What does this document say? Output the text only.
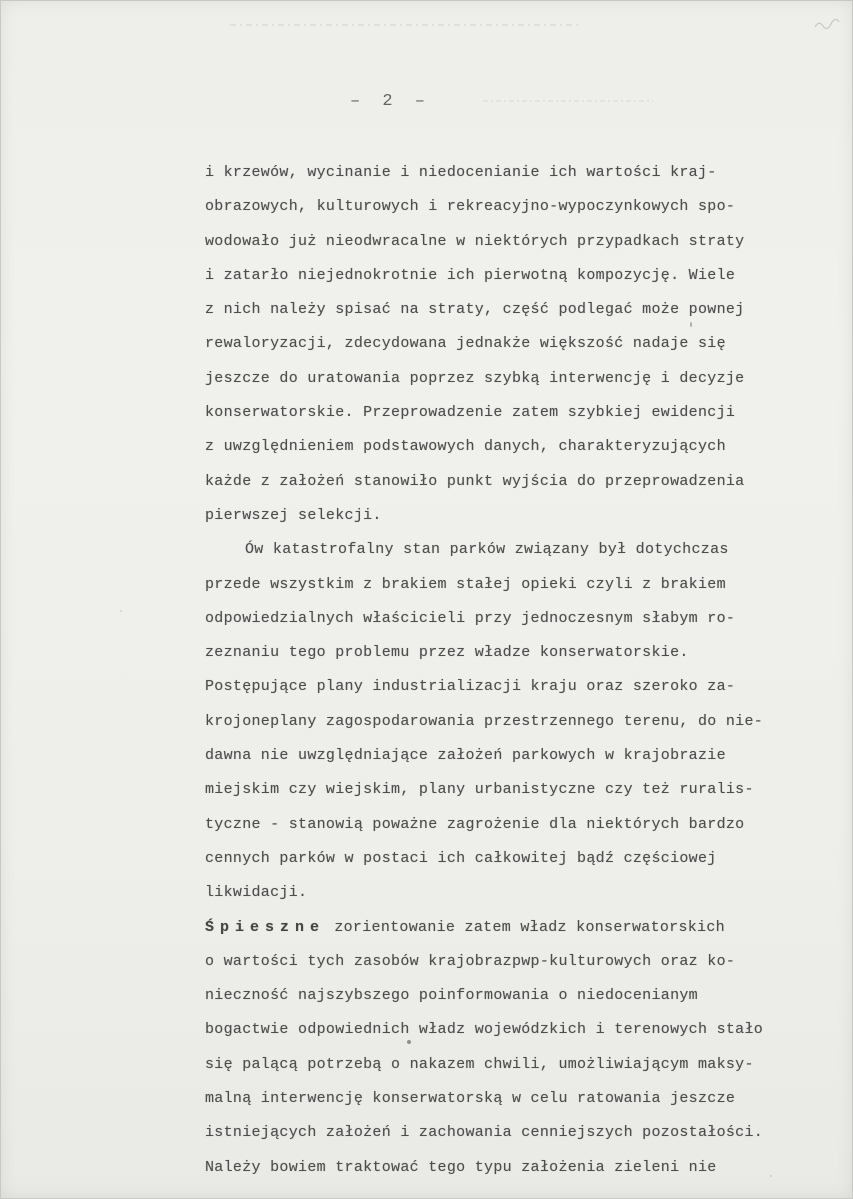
– 2 –
i krzewów, wycinanie i niedocenianie ich wartości kraj-
obrazowych, kulturowych i rekreacyjno-wypoczynkowych spo-
wodowało już nieodwracalne w niektórych przypadkach straty
i zatarło niejednokrotnie ich pierwotną kompozycję. Wiele
z nich należy spisać na straty, część podlegać może pownej
rewaloryzacji, zdecydowana jednakże większość nadaje się
jeszcze do uratowania poprzez szybką interwencję i decyzje
konserwatorskie. Przeprowadzenie zatem szybkiej ewidencji
z uwzględnieniem podstawowych danych, charakteryzujących
każde z założeń stanowiło punkt wyjścia do przeprowadzenia
pierwszej selekcji.
Ów katastrofalny stan parków związany był dotychczas
przede wszystkim z brakiem stałej opieki czyli z brakiem
odpowiedzialnych właścicieli przy jednoczesnym słabym ro-
zeznaniu tego problemu przez władze konserwatorskie.
Postępujące plany industrializacji kraju oraz szeroko za-
krojoneplany zagospodarowania przestrzennego terenu, do nie-
dawna nie uwzględniające założeń parkowych w krajobrazie
miejskim czy wiejskim, plany urbanistyczne czy też ruralis-
tyczne - stanowią poważne zagrożenie dla niektórych bardzo
cennych parków w postaci ich całkowitej bądź częściowej
likwidacji.
Śpieszne zorientowanie zatem władz konserwatorskich
o wartości tych zasobów krajobrazpwp-kulturowych oraz ko-
nieczność najszybszego poinformowania o niedocenianym
bogactwie odpowiednich władz wojewódzkich i terenowych stało
się palącą potrzebą o nakazem chwili, umożliwiającym maksy-
malną interwencję konserwatorską w celu ratowania jeszcze
istniejących założeń i zachowania cenniejszych pozostałości.
Należy bowiem traktować tego typu założenia zieleni nie
